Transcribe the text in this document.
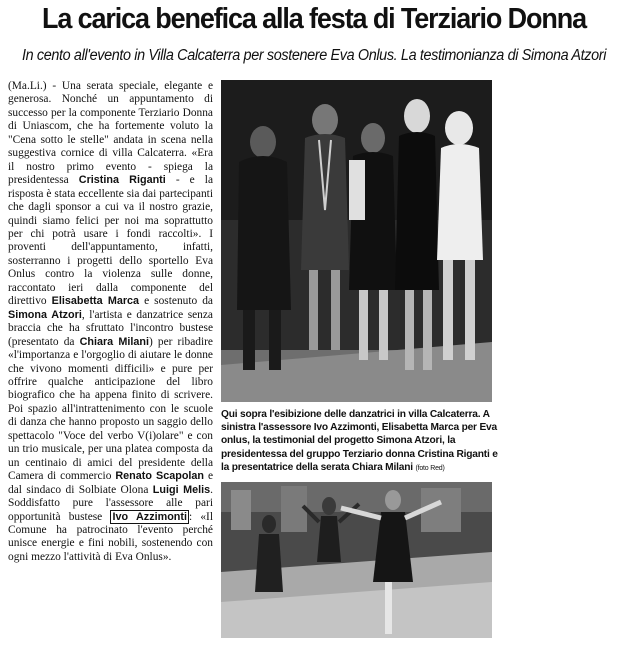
La carica benefica alla festa di Terziario Donna
In cento all'evento in Villa Calcaterra per sostenere Eva Onlus. La testimonianza di Simona Atzori

(Ma.Li.) - Una serata speciale, elegante e generosa. Nonché un appuntamento di successo per la componente Terziario Donna di Uniascom, che ha fortemente voluto la "Cena sotto le stelle" andata in scena nella suggestiva cornice di villa Calcaterra. «Era il nostro primo evento - spiega la presidentessa Cristina Riganti - e la risposta è stata eccellente sia dai partecipanti che dagli sponsor a cui va il nostro grazie, quindi siamo felici per noi ma soprattutto per chi potrà usare i fondi raccolti». I proventi dell'appuntamento, infatti, sosterranno i progetti dello sportello Eva Onlus contro la violenza sulle donne, raccontato ieri dalla componente del direttivo Elisabetta Marca e sostenuto da Simona Atzori, l'artista e danzatrice senza braccia che ha sfruttato l'incontro bustese (presentato da Chiara Milani) per ribadire «l'importanza e l'orgoglio di aiutare le donne che vivono momenti difficili» e pure per offrire qualche anticipazione del libro biografico che ha appena finito di scrivere. Poi spazio all'intrattenimento con le scuole di danza che hanno proposto un saggio dello spettacolo "Voce del verbo V(i)olare" e con un trio musicale, per una platea composta da un centinaio di amici del presidente della Camera di commercio Renato Scapolan e dal sindaco di Solbiate Olona Luigi Melis. Soddisfatto pure l'assessore alle pari opportunità bustese Ivo Azzimonti : «Il Comune ha patrocinato l'evento perché unisce energie e fini nobili, sostenendo con ogni mezzo l'attività di Eva Onlus».

Qui sopra l'esibizione delle danzatrici in villa Calcaterra. A sinistra l'assessore Ivo Azzimonti, Elisabetta Marca per Eva onlus, la testimonial del progetto Simona Atzori, la presidentessa del gruppo Terziario donna Cristina Riganti e la presentatrice della serata Chiara Milani (foto Red)
